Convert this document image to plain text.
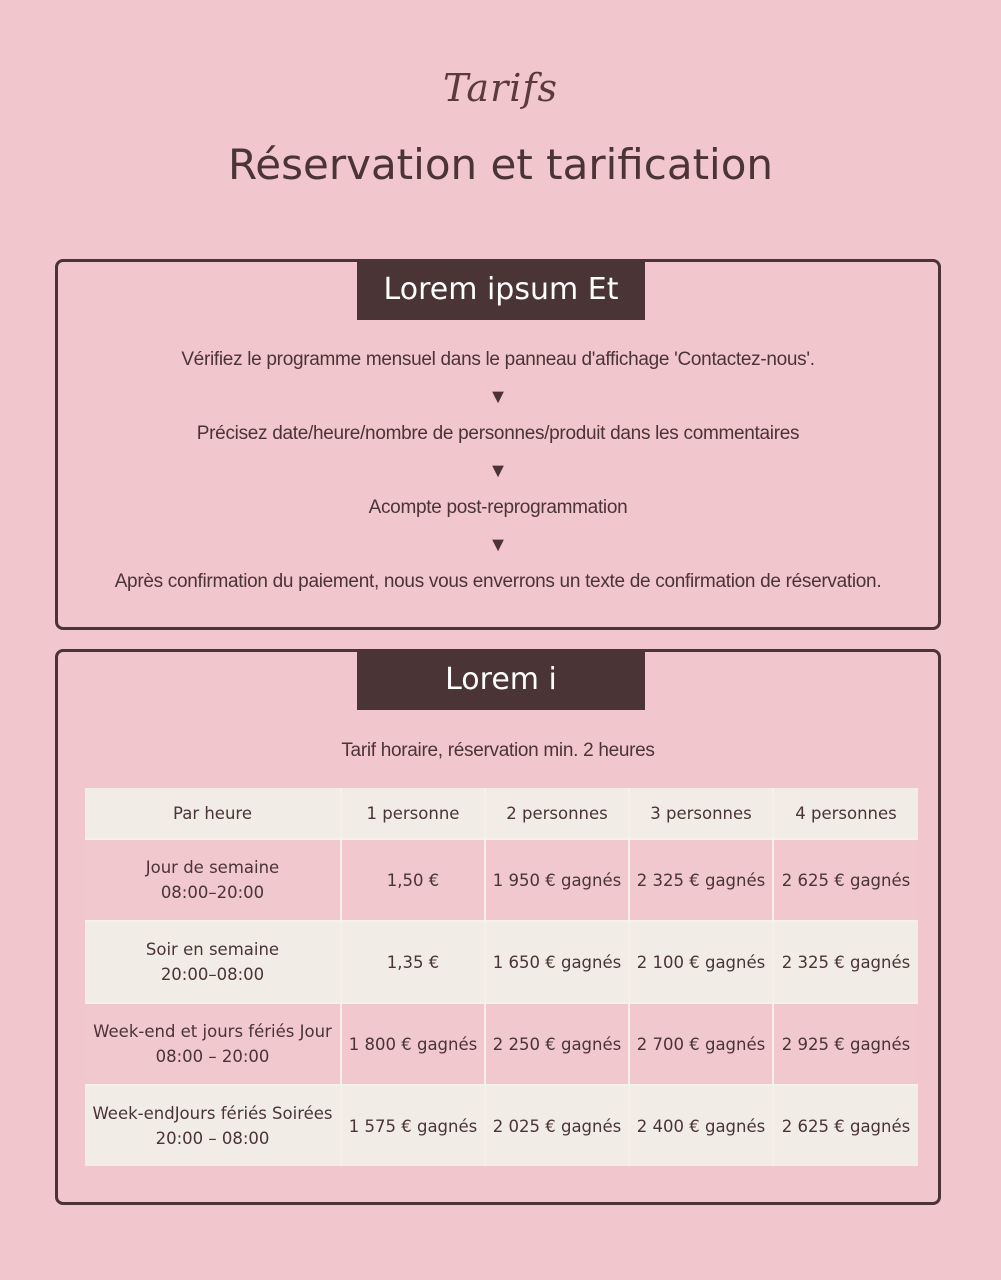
Tarifs
Réservation et tarification
Lorem ipsum Et
Vérifiez le programme mensuel dans le panneau d'affichage 'Contactez-nous'.
▼
Précisez date/heure/nombre de personnes/produit dans les commentaires
▼
Acompte post-reprogrammation
▼
Après confirmation du paiement, nous vous enverrons un texte de confirmation de réservation.
Lorem i
Tarif horaire, réservation min. 2 heures
Par heure	1 personne	2 personnes	3 personnes	4 personnes

Jour de semaine
08:00–20:00	1,50 €	1 950 € gagnés	2 325 € gagnés	2 625 € gagnés

Soir en semaine
20:00–08:00	1,35 €	1 650 € gagnés	2 100 € gagnés	2 325 € gagnés

Week-end et jours fériés Jour
08:00 – 20:00	1 800 € gagnés	2 250 € gagnés	2 700 € gagnés	2 925 € gagnés

Week-endJours fériés Soirées
20:00 – 08:00	1 575 € gagnés	2 025 € gagnés	2 400 € gagnés	2 625 € gagnés
